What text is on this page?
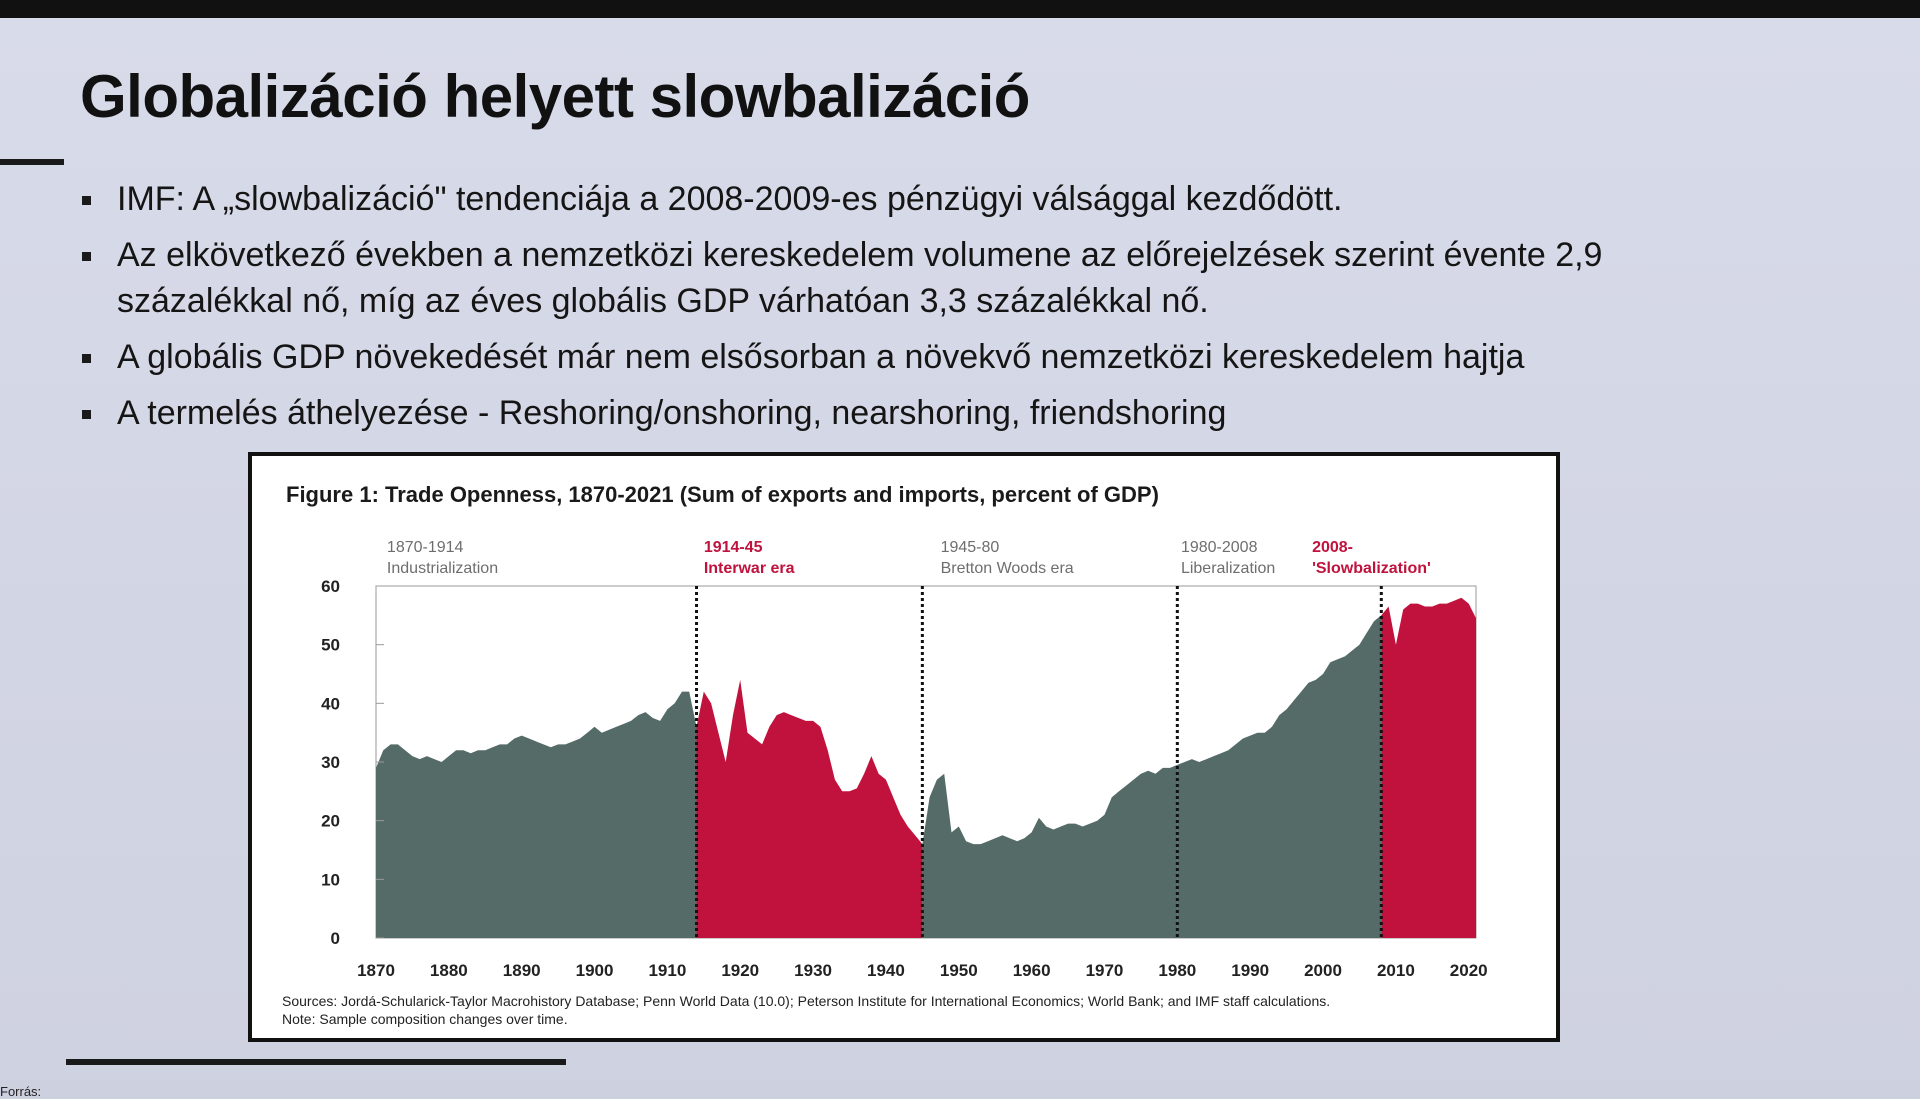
Globalizáció helyett slowbalizáció
IMF: A „slowbalizáció" tendenciája a 2008-2009-es pénzügyi válsággal kezdődött.
Az elkövetkező években a nemzetközi kereskedelem volumene az előrejelzések szerint évente 2,9 százalékkal nő, míg az éves globális GDP várhatóan 3,3 százalékkal nő.
A globális GDP növekedését már nem elsősorban a növekvő nemzetközi kereskedelem hajtja
A termelés áthelyezése - Reshoring/onshoring, nearshoring, friendshoring
0
10
20
30
40
50
60
1870 1880 1890 1900 1910 1920 1930 1940 1950 1960 1970 1980 1990 2000 2010 2020
1870-1914
Industrialization
1914-45
Interwar era
1945-80
Bretton Woods era
1980-2008
Liberalization
2008-
'Slowbalization'
Figure 1: Trade Openness, 1870-2021 (Sum of exports and imports, percent of GDP)
Sources: Jordá-Schularick-Taylor Macrohistory Database; Penn World Data (10.0); Peterson Institute for International Economics; World Bank; and IMF staff calculations.
Note: Sample composition changes over time.
Forrás:
